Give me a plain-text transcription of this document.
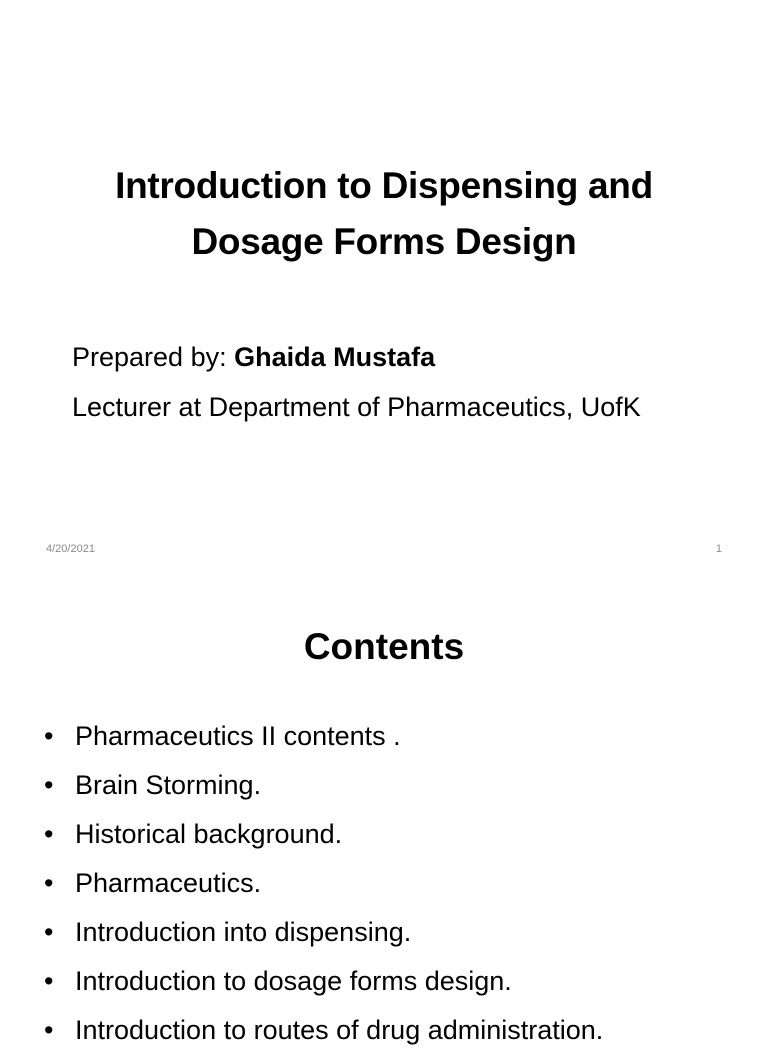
Introduction to Dispensing and
Dosage Forms Design
Prepared by: Ghaida Mustafa
Lecturer at Department of Pharmaceutics, UofK
4/20/2021	1
Contents
• Pharmaceutics II contents .
• Brain Storming.
• Historical background.
• Pharmaceutics.
• Introduction into dispensing.
• Introduction to dosage forms design.
• Introduction to routes of drug administration.
